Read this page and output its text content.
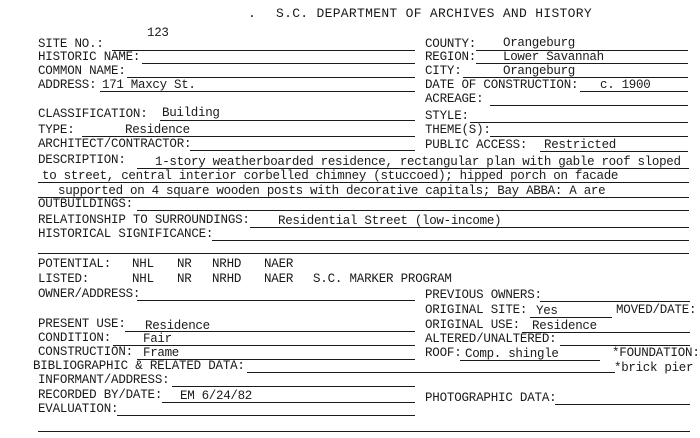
. S.C. DEPARTMENT OF ARCHIVES AND HISTORY
123
SITE NO.:
HISTORIC NAME:
COMMON NAME:
ADDRESS: 171 Maxcy St.
COUNTY: Orangeburg
REGION: Lower Savannah
CITY:	Orangeburg
DATE OF CONSTRUCTION: c. 1900
ACREAGE:
CLASSIFICATION: Building	STYLE:
TYPE:	Residence	THEME(S):
ARCHITECT/CONTRACTOR:	PUBLIC ACCESS: Restricted
DESCRIPTION: 1-story weatherboarded residence, rectangular plan with gable roof sloped
to street, central interior corbelled chimney (stuccoed); hipped porch on facade
supported on 4 square wooden posts with decorative capitals; Bay ABBA: A are
OUTBUILDINGS:
RELATIONSHIP TO SURROUNDINGS: Residential Street (low-income)
HISTORICAL SIGNIFICANCE:
POTENTIAL: NHL NR NRHD NAER
LISTED:	NHL NR NRHD NAER S.C. MARKER PROGRAM
OWNER/ADDRESS:	PREVIOUS OWNERS:
ORIGINAL SITE: Yes	MOVED/DATE:
PRESENT USE: Residence	ORIGINAL USE: Residence
CONDITION:	Fair	ALTERED/UNALTERED:
CONSTRUCTION: Frame	ROOF: Comp. shingle	*FOUNDATION:
*brick pier
BIBLIOGRAPHIC & RELATED DATA:
INFORMANT/ADDRESS:
RECORDED BY/DATE: EM 6/24/82	PHOTOGRAPHIC DATA:
EVALUATION:
